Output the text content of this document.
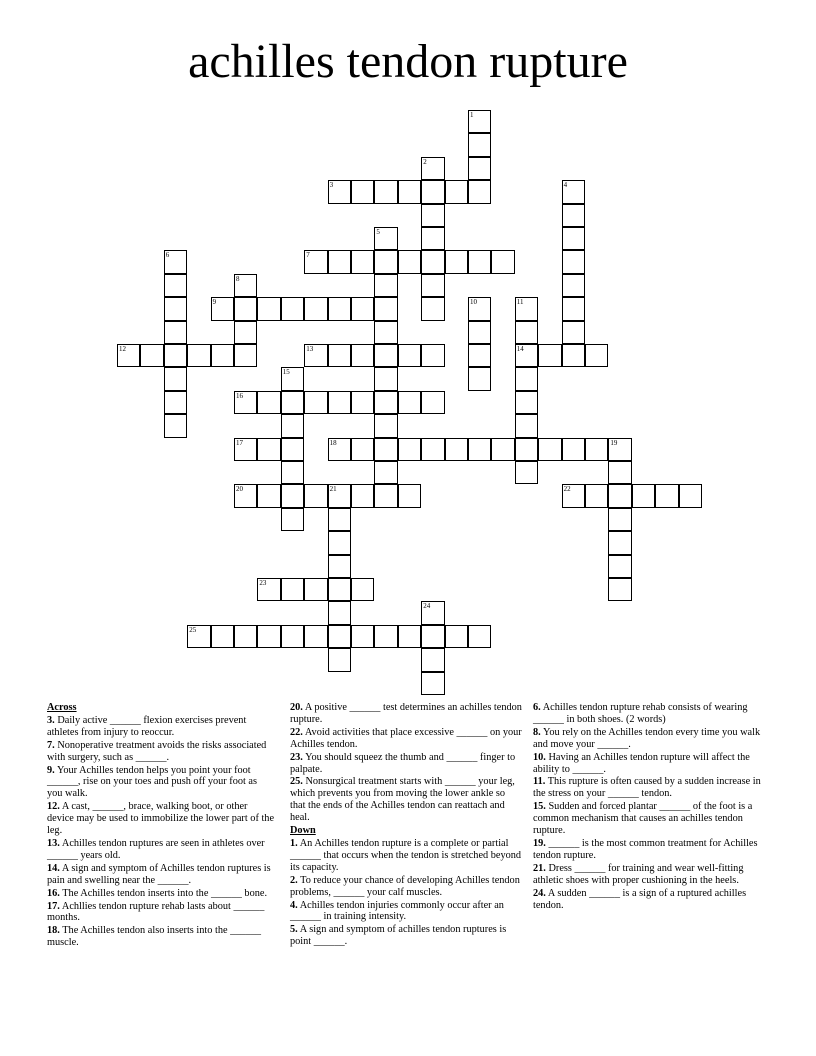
achilles tendon rupture
1
2
3	4
5
6	7
8
9	10	11
12	13	14
15
16
17	18	19
20	21	22
23
24
25
Across
3. Daily active ______ flexion exercises prevent athletes from injury to reoccur.
7. Nonoperative treatment avoids the risks associated with surgery, such as ______.
9. Your Achilles tendon helps you point your foot ______, rise on your toes and push off your foot as you walk.
12. A cast, ______, brace, walking boot, or other device may be used to immobilize the lower part of the leg.
13. Achilles tendon ruptures are seen in athletes over ______ years old.
14. A sign and symptom of Achilles tendon ruptures is pain and swelling near the ______.
16. The Achilles tendon inserts into the ______ bone.
17. Achllies tendon rupture rehab lasts about ______ months.
18. The Achilles tendon also inserts into the ______ muscle.
20. A positive ______ test determines an achilles tendon rupture.
22. Avoid activities that place excessive ______ on your Achilles tendon.
23. You should squeez the thumb and ______ finger to palpate.
25. Nonsurgical treatment starts with ______ your leg, which prevents you from moving the lower ankle so that the ends of the Achilles tendon can reattach and heal.
Down
1. An Achilles tendon rupture is a complete or partial ______ that occurs when the tendon is stretched beyond its capacity.
2. To reduce your chance of developing Achilles tendon problems, ______ your calf muscles.
4. Achilles tendon injuries commonly occur after an ______ in training intensity.
5. A sign and symptom of achilles tendon ruptures is point ______.
6. Achilles tendon rupture rehab consists of wearing ______ in both shoes. (2 words)
8. You rely on the Achilles tendon every time you walk and move your ______.
10. Having an Achilles tendon rupture will affect the ability to ______.
11. This rupture is often caused by a sudden increase in the stress on your ______ tendon.
15. Sudden and forced plantar ______ of the foot is a common mechanism that causes an achilles tendon rupture.
19. ______ is the most common treatment for Achilles tendon rupture.
21. Dress ______ for training and wear well-fitting athletic shoes with proper cushioning in the heels.
24. A sudden ______ is a sign of a ruptured achilles tendon.
